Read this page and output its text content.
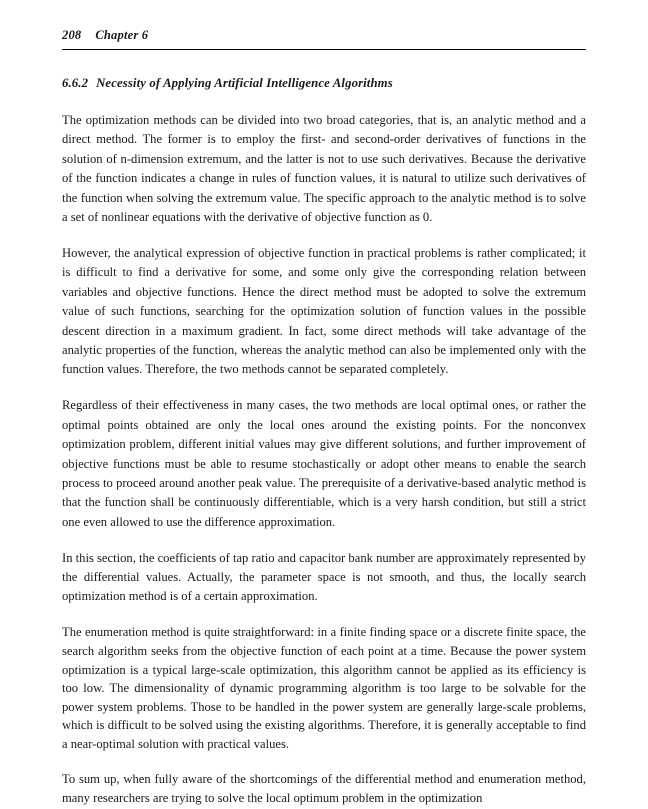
208 Chapter 6
6.6.2 Necessity of Applying Artificial Intelligence Algorithms

The optimization methods can be divided into two broad categories, that is, an analytic method and a direct method. The former is to employ the first- and second-order derivatives of functions in the solution of n-dimension extremum, and the latter is not to use such derivatives. Because the derivative of the function indicates a change in rules of function values, it is natural to utilize such derivatives of the function when solving the extremum value. The specific approach to the analytic method is to solve a set of nonlinear equations with the derivative of objective function as 0.

However, the analytical expression of objective function in practical problems is rather complicated; it is difficult to find a derivative for some, and some only give the corresponding relation between variables and objective functions. Hence the direct method must be adopted to solve the extremum value of such functions, searching for the optimization solution of function values in the possible descent direction in a maximum gradient. In fact, some direct methods will take advantage of the analytic properties of the function, whereas the analytic method can also be implemented only with the function values. Therefore, the two methods cannot be separated completely.

Regardless of their effectiveness in many cases, the two methods are local optimal ones, or rather the optimal points obtained are only the local ones around the existing points. For the nonconvex optimization problem, different initial values may give different solutions, and further improvement of objective functions must be able to resume stochastically or adopt other means to enable the search process to proceed around another peak value. The prerequisite of a derivative-based analytic method is that the function shall be continuously differentiable, which is a very harsh condition, but still a strict one even allowed to use the difference approximation.

In this section, the coefficients of tap ratio and capacitor bank number are approximately represented by the differential values. Actually, the parameter space is not smooth, and thus, the locally search optimization method is of a certain approximation.

The enumeration method is quite straightforward: in a finite finding space or a discrete finite space, the search algorithm seeks from the objective function of each point at a time. Because the power system optimization is a typical large-scale optimization, this algorithm cannot be applied as its efficiency is too low. The dimensionality of dynamic programming algorithm is too large to be solvable for the power system problems. Those to be handled in the power system are generally large-scale problems, which is difficult to be solved using the existing algorithms. Therefore, it is generally acceptable to find a near-optimal solution with practical values.

To sum up, when fully aware of the shortcomings of the differential method and enumeration method, many researchers are trying to solve the local optimum problem in the optimization
